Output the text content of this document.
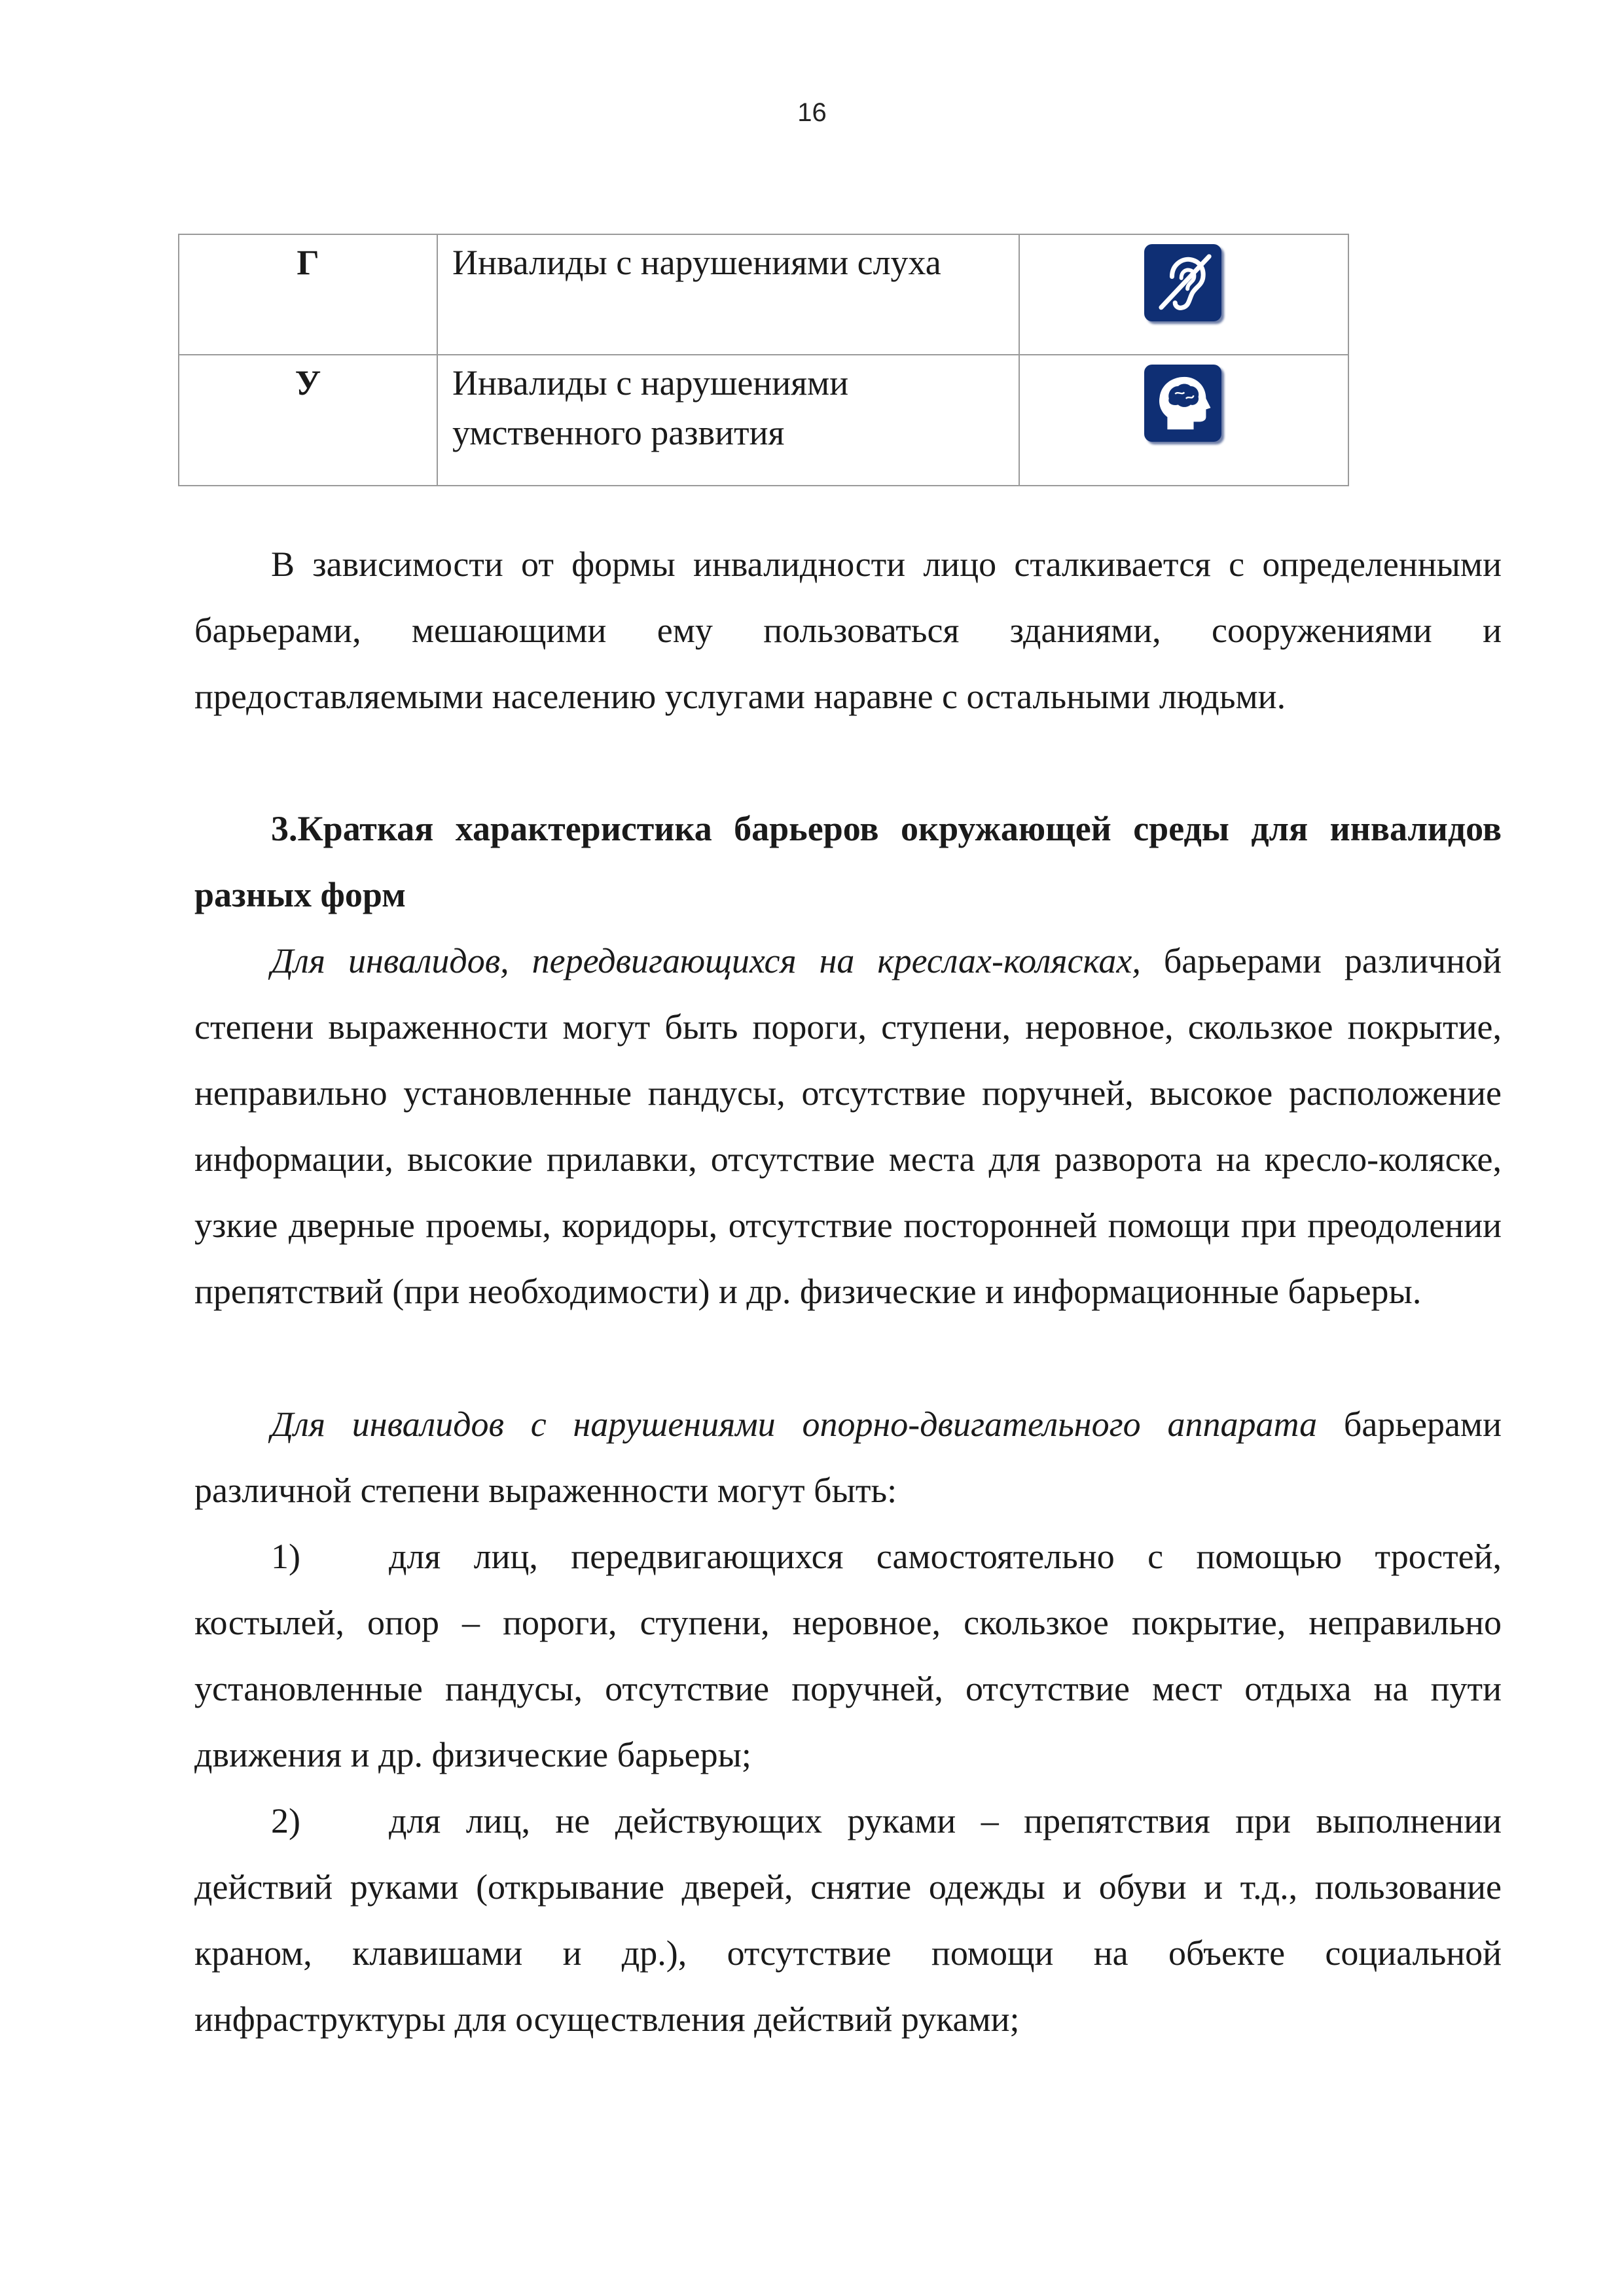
16
Г	Инвалиды с нарушениями слуха

У	Инвалиды с нарушениями умственного развития

В зависимости от формы инвалидности лицо сталкивается с определенными барьерами, мешающими ему пользоваться зданиями, сооружениями и предоставляемыми населению услугами наравне с остальными людьми.

3.Краткая характеристика барьеров окружающей среды для инвалидов разных форм

Для инвалидов, передвигающихся на креслах-колясках, барьерами различной степени выраженности могут быть пороги, ступени, неровное, скользкое покрытие, неправильно установленные пандусы, отсутствие поручней, высокое расположение информации, высокие прилавки, отсутствие места для разворота на кресло-коляске, узкие дверные проемы, коридоры, отсутствие посторонней помощи при преодолении препятствий (при необходимости) и др. физические и информационные барьеры.

Для инвалидов с нарушениями опорно-двигательного аппарата барьерами различной степени выраженности могут быть:

1)	для лиц, передвигающихся самостоятельно с помощью тростей, костылей, опор – пороги, ступени, неровное, скользкое покрытие, неправильно установленные пандусы, отсутствие поручней, отсутствие мест отдыха на пути движения и др. физические барьеры;

2)	для лиц, не действующих руками – препятствия при выполнении действий руками (открывание дверей, снятие одежды и обуви и т.д., пользование краном, клавишами и др.), отсутствие помощи на объекте социальной инфраструктуры для осуществления действий руками;
